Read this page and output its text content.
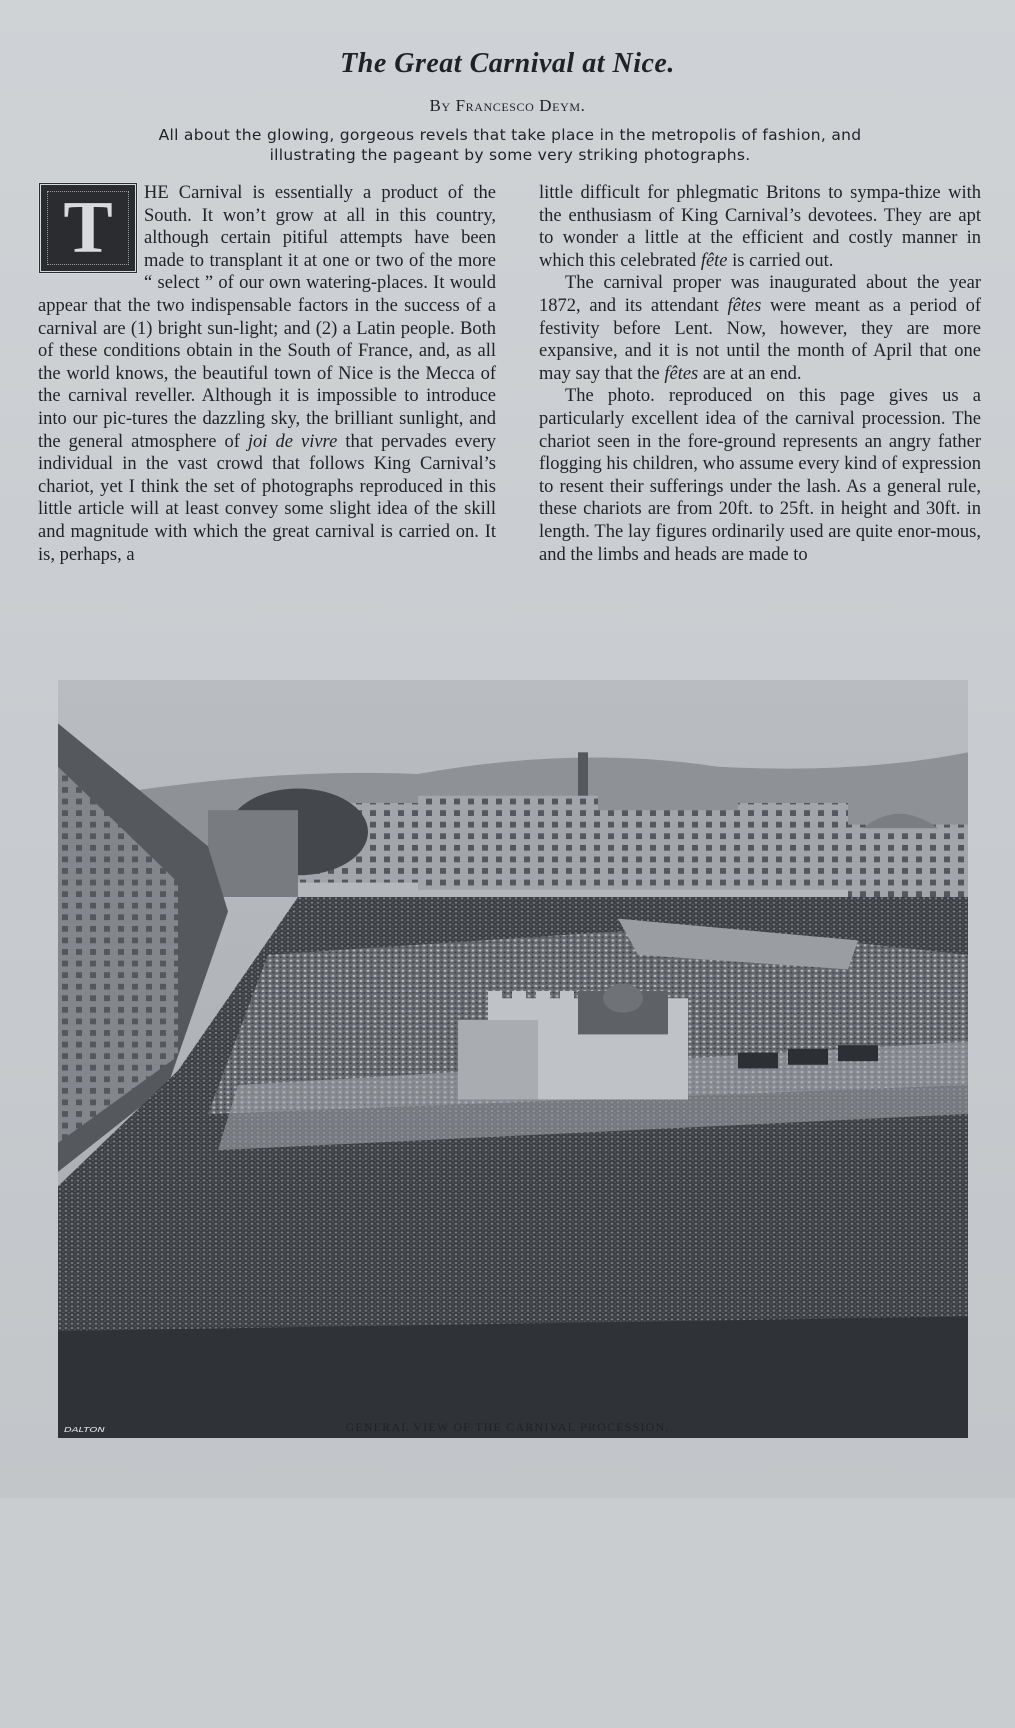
The Great Carnival at Nice.
By Francesco Deym.
All about the glowing, gorgeous revels that take place in the metropolis of fashion, and
illustrating the pageant by some very striking photographs.

T HE Carnival is essentially a product of the South. It won’t grow at all in this country, although certain pitiful attempts have been made to transplant it at one or two of the more “ select ” of our own watering-places. It would appear that the two indispensable factors in the success of a carnival are (1) bright sun-light; and (2) a Latin people. Both of these conditions obtain in the South of France, and, as all the world knows, the beautiful town of Nice is the Mecca of the carnival reveller. Although it is impossible to introduce into our pic-tures the dazzling sky, the brilliant sunlight, and the general atmosphere of joi de vivre that pervades every individual in the vast crowd that follows King Carnival’s chariot, yet I think the set of photographs reproduced in this little article will at least convey some slight idea of the skill and magnitude with which the great carnival is carried on. It is, perhaps, a

little difficult for phlegmatic Britons to sympa-thize with the enthusiasm of King Carnival’s devotees. They are apt to wonder a little at the efficient and costly manner in which this celebrated fête is carried out.

The carnival proper was inaugurated about the year 1872, and its attendant fêtes were meant as a period of festivity before Lent. Now, however, they are more expansive, and it is not until the month of April that one may say that the fêtes are at an end.

The photo. reproduced on this page gives us a particularly excellent idea of the carnival procession. The chariot seen in the fore-ground represents an angry father flogging his children, who assume every kind of expression to resent their sufferings under the lash. As a general rule, these chariots are from 20ft. to 25ft. in height and 30ft. in length. The lay figures ordinarily used are quite enor-mous, and the limbs and heads are made to

DALTON	GENERAL VIEW OF THE CARNIVAL PROCESSION.
